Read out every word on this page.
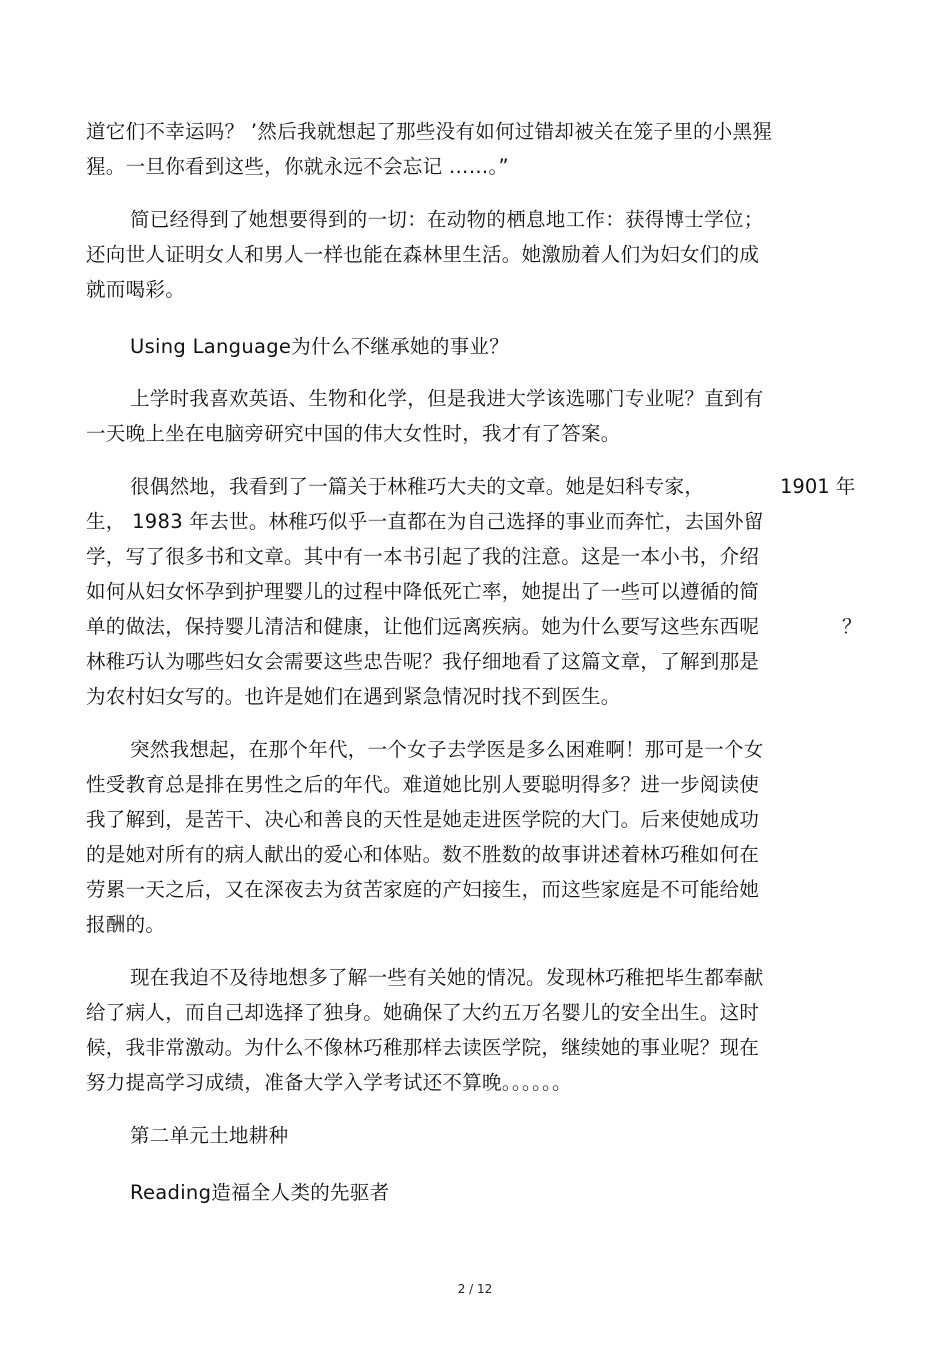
道它们不幸运吗？ ’然后我就想起了那些没有如何过错却被关在笼子里的小黑猩
猩。一旦你看到这些，你就永远不会忘记 ……。”
简已经得到了她想要得到的一切：在动物的栖息地工作：获得博士学位；
还向世人证明女人和男人一样也能在森林里生活。她激励着人们为妇女们的成
就而喝彩。
Using Language为什么不继承她的事业？
上学时我喜欢英语、生物和化学，但是我进大学该选哪门专业呢？直到有
一天晚上坐在电脑旁研究中国的伟大女性时，我才有了答案。
很偶然地，我看到了一篇关于林稚巧大夫的文章。她是妇科专家，	1901 年
生， 1983 年去世。林稚巧似乎一直都在为自己选择的事业而奔忙，去国外留
学，写了很多书和文章。其中有一本书引起了我的注意。这是一本小书，介绍
如何从妇女怀孕到护理婴儿的过程中降低死亡率，她提出了一些可以遵循的简
单的做法，保持婴儿清洁和健康，让他们远离疾病。她为什么要写这些东西呢	？
林稚巧认为哪些妇女会需要这些忠告呢？我仔细地看了这篇文章，了解到那是
为农村妇女写的。也许是她们在遇到紧急情况时找不到医生。
突然我想起，在那个年代，一个女子去学医是多么困难啊！那可是一个女
性受教育总是排在男性之后的年代。难道她比别人要聪明得多？进一步阅读使
我了解到，是苦干、决心和善良的天性是她走进医学院的大门。后来使她成功
的是她对所有的病人献出的爱心和体贴。数不胜数的故事讲述着林巧稚如何在
劳累一天之后，又在深夜去为贫苦家庭的产妇接生，而这些家庭是不可能给她
报酬的。
现在我迫不及待地想多了解一些有关她的情况。发现林巧稚把毕生都奉献
给了病人，而自己却选择了独身。她确保了大约五万名婴儿的安全出生。这时
候，我非常激动。为什么不像林巧稚那样去读医学院，继续她的事业呢？现在
努力提高学习成绩，准备大学入学考试还不算晚。。。。。。
第二单元土地耕种
Reading造福全人类的先驱者
2 / 12
